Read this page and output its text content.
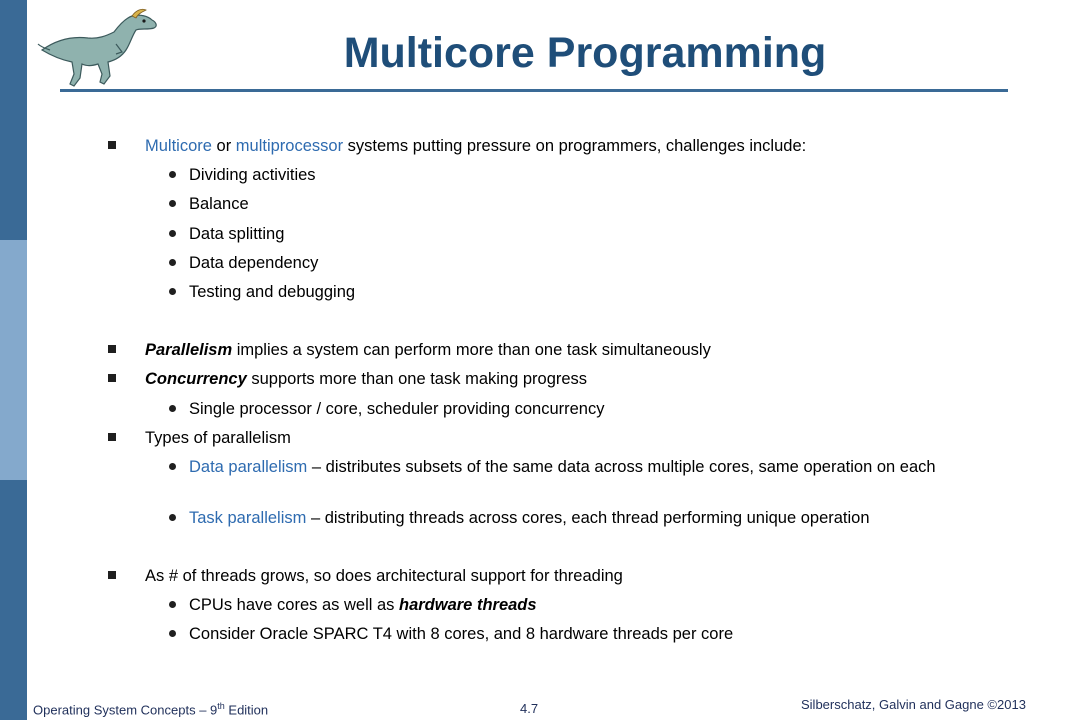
Multicore Programming
Multicore or multiprocessor systems putting pressure on programmers, challenges include:
Dividing activities
Balance
Data splitting
Data dependency
Testing and debugging
Parallelism implies a system can perform more than one task simultaneously
Concurrency supports more than one task making progress
Single processor / core, scheduler providing concurrency
Types of parallelism
Data parallelism – distributes subsets of the same data across multiple cores, same operation on each
Task parallelism – distributing threads across cores, each thread performing unique operation
As # of threads grows, so does architectural support for threading
CPUs have cores as well as hardware threads
Consider Oracle SPARC T4 with 8 cores, and 8 hardware threads per core
Operating System Concepts – 9th Edition	4.7	Silberschatz, Galvin and Gagne ©2013
